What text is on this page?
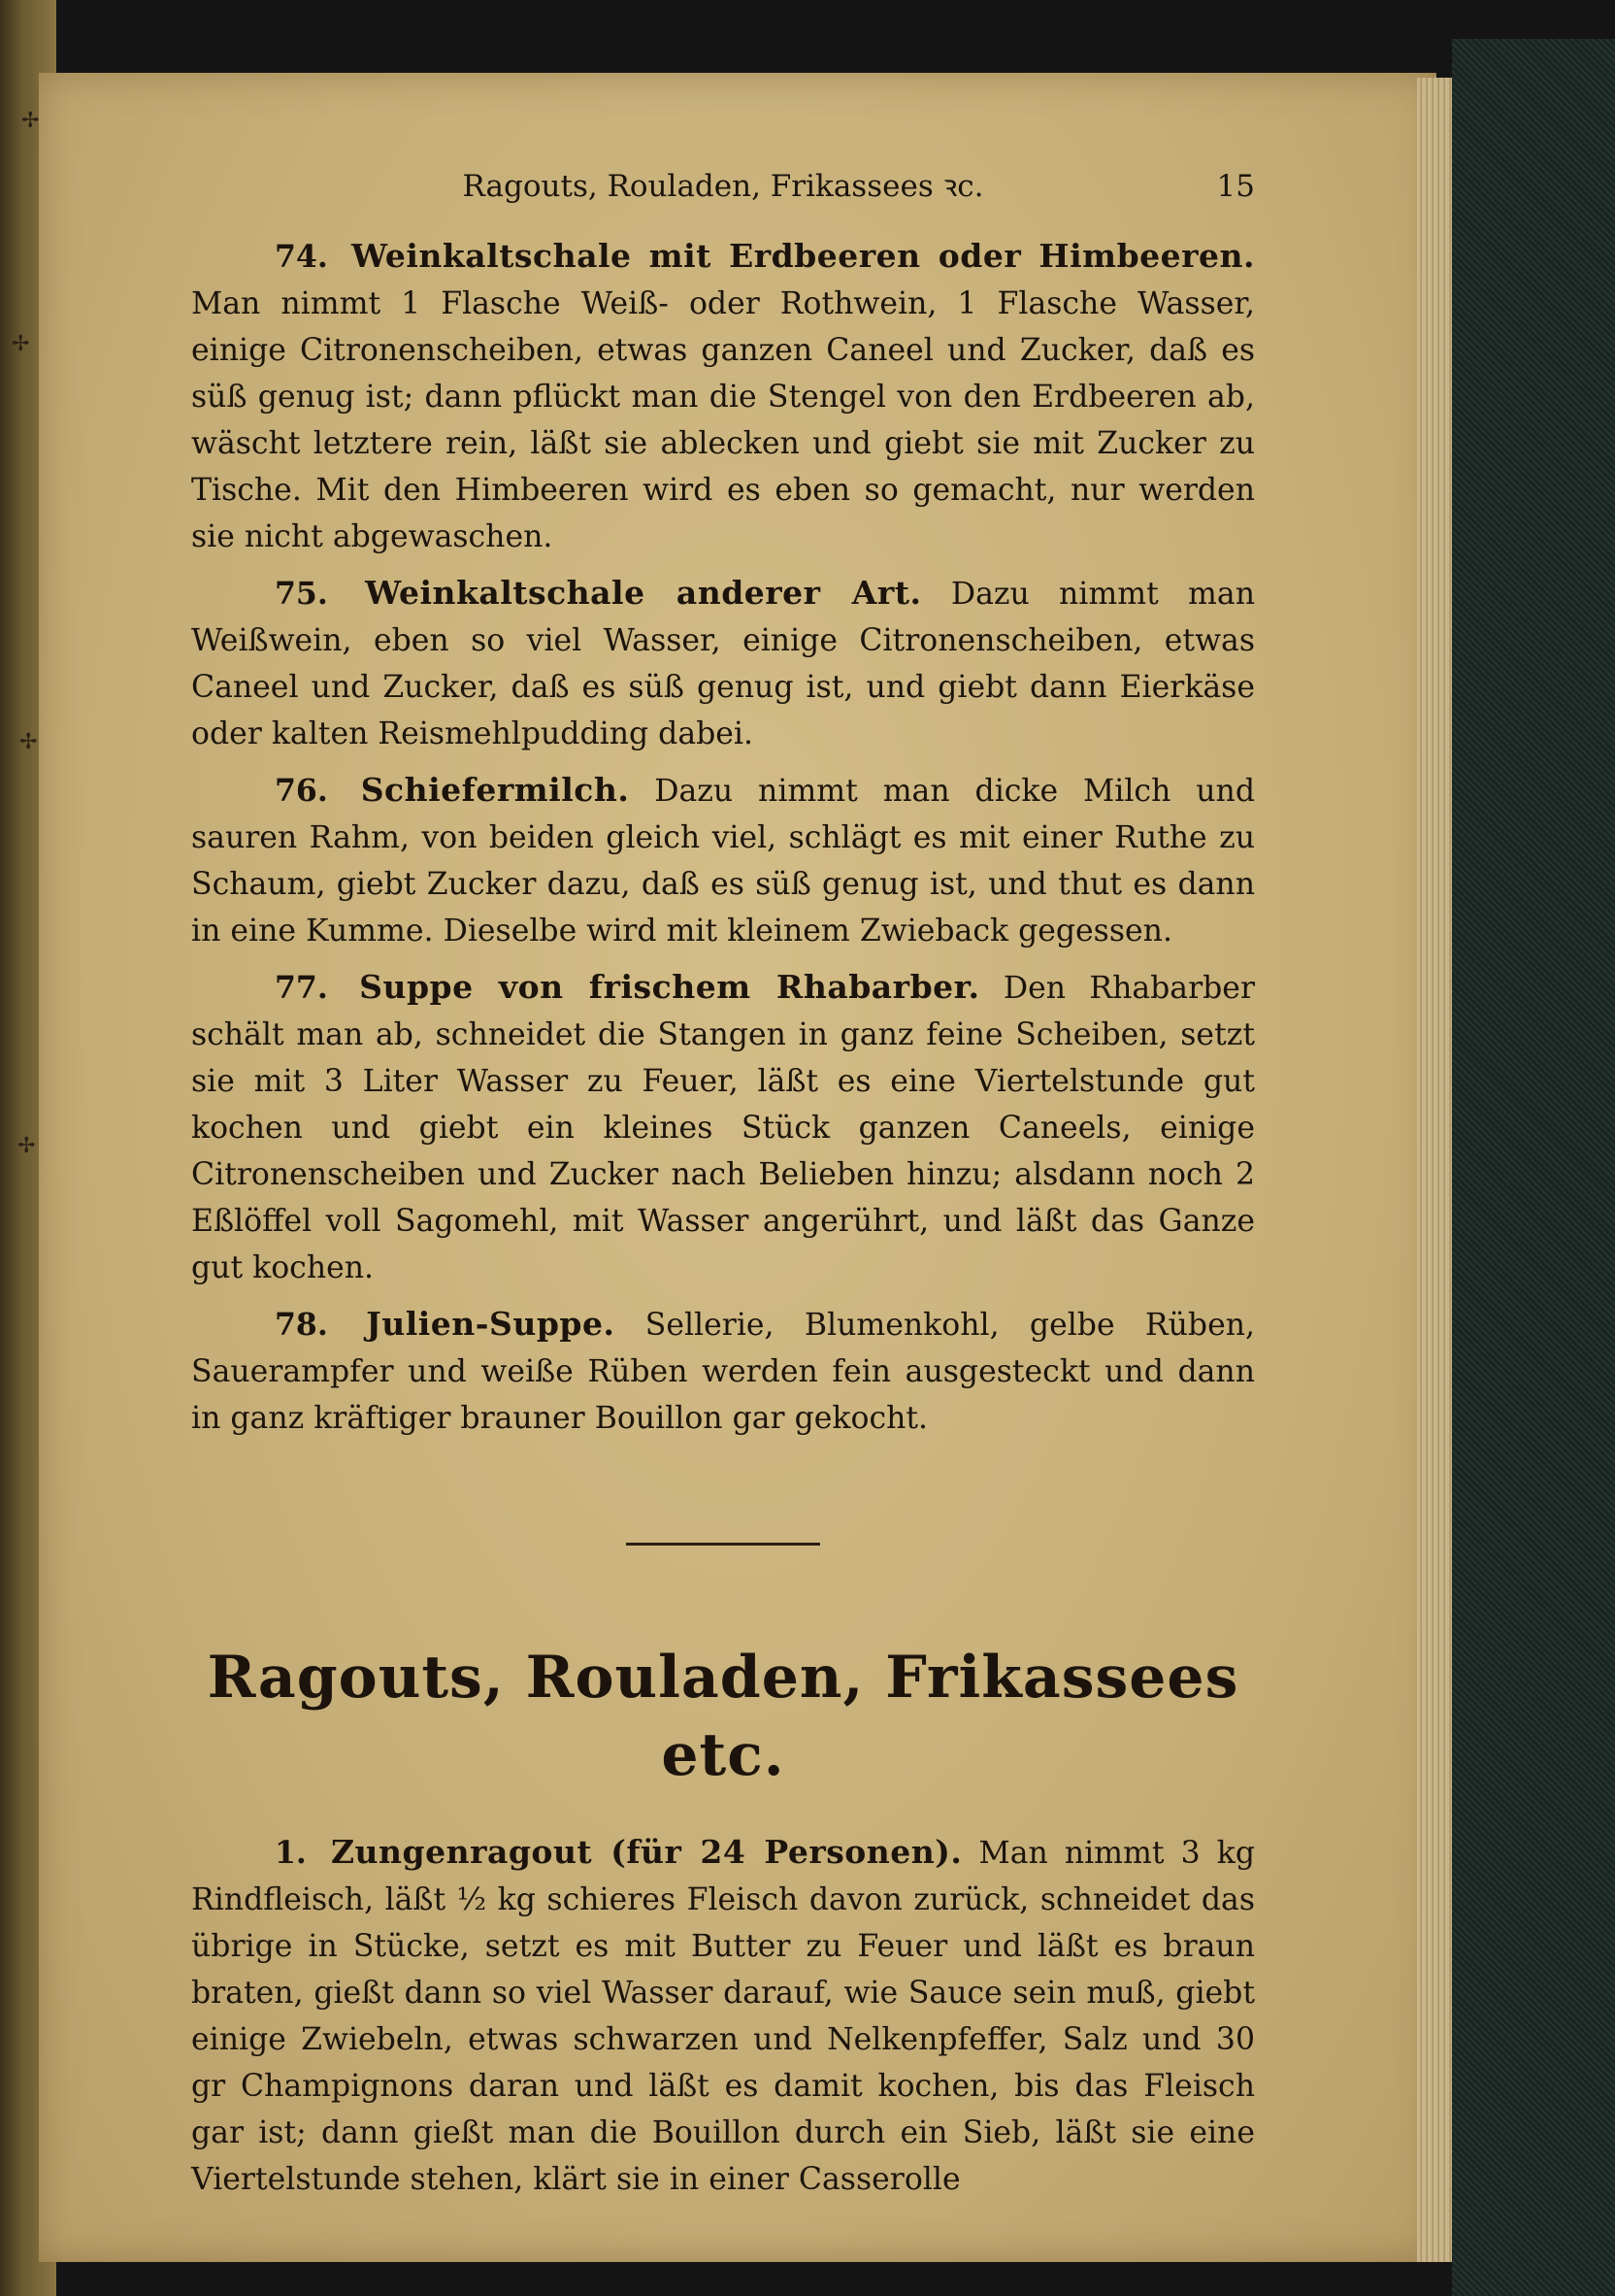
✢
✢
✢
✢
Ragouts, Rouladen, Frikassees ꝛc.	15

74. Weinkaltschale mit Erdbeeren oder Himbeeren. Man nimmt 1 Flasche Weiß- oder Rothwein, 1 Flasche Wasser, einige Citronenscheiben, etwas ganzen Caneel und Zucker, daß es süß genug ist; dann pflückt man die Stengel von den Erdbeeren ab, wäscht letztere rein, läßt sie ablecken und giebt sie mit Zucker zu Tische. Mit den Himbeeren wird es eben so gemacht, nur werden sie nicht abgewaschen.

75. Weinkaltschale anderer Art. Dazu nimmt man Weißwein, eben so viel Wasser, einige Citronenscheiben, etwas Caneel und Zucker, daß es süß genug ist, und giebt dann Eierkäse oder kalten Reismehlpudding dabei.

76. Schiefermilch. Dazu nimmt man dicke Milch und sauren Rahm, von beiden gleich viel, schlägt es mit einer Ruthe zu Schaum, giebt Zucker dazu, daß es süß genug ist, und thut es dann in eine Kumme. Dieselbe wird mit kleinem Zwieback gegessen.

77. Suppe von frischem Rhabarber. Den Rhabarber schält man ab, schneidet die Stangen in ganz feine Scheiben, setzt sie mit 3 Liter Wasser zu Feuer, läßt es eine Viertelstunde gut kochen und giebt ein kleines Stück ganzen Caneels, einige Citronenscheiben und Zucker nach Belieben hinzu; alsdann noch 2 Eßlöffel voll Sagomehl, mit Wasser angerührt, und läßt das Ganze gut kochen.

78. Julien-Suppe. Sellerie, Blumenkohl, gelbe Rüben, Sauerampfer und weiße Rüben werden fein ausgesteckt und dann in ganz kräftiger brauner Bouillon gar gekocht.

Ragouts, Rouladen, Frikassees etc.

1. Zungenragout (für 24 Personen). Man nimmt 3 kg Rindfleisch, läßt ½ kg schieres Fleisch davon zurück, schneidet das übrige in Stücke, setzt es mit Butter zu Feuer und läßt es braun braten, gießt dann so viel Wasser darauf, wie Sauce sein muß, giebt einige Zwiebeln, etwas schwarzen und Nelkenpfeffer, Salz und 30 gr Champignons daran und läßt es damit kochen, bis das Fleisch gar ist; dann gießt man die Bouillon durch ein Sieb, läßt sie eine Viertelstunde stehen, klärt sie in einer Casserolle
